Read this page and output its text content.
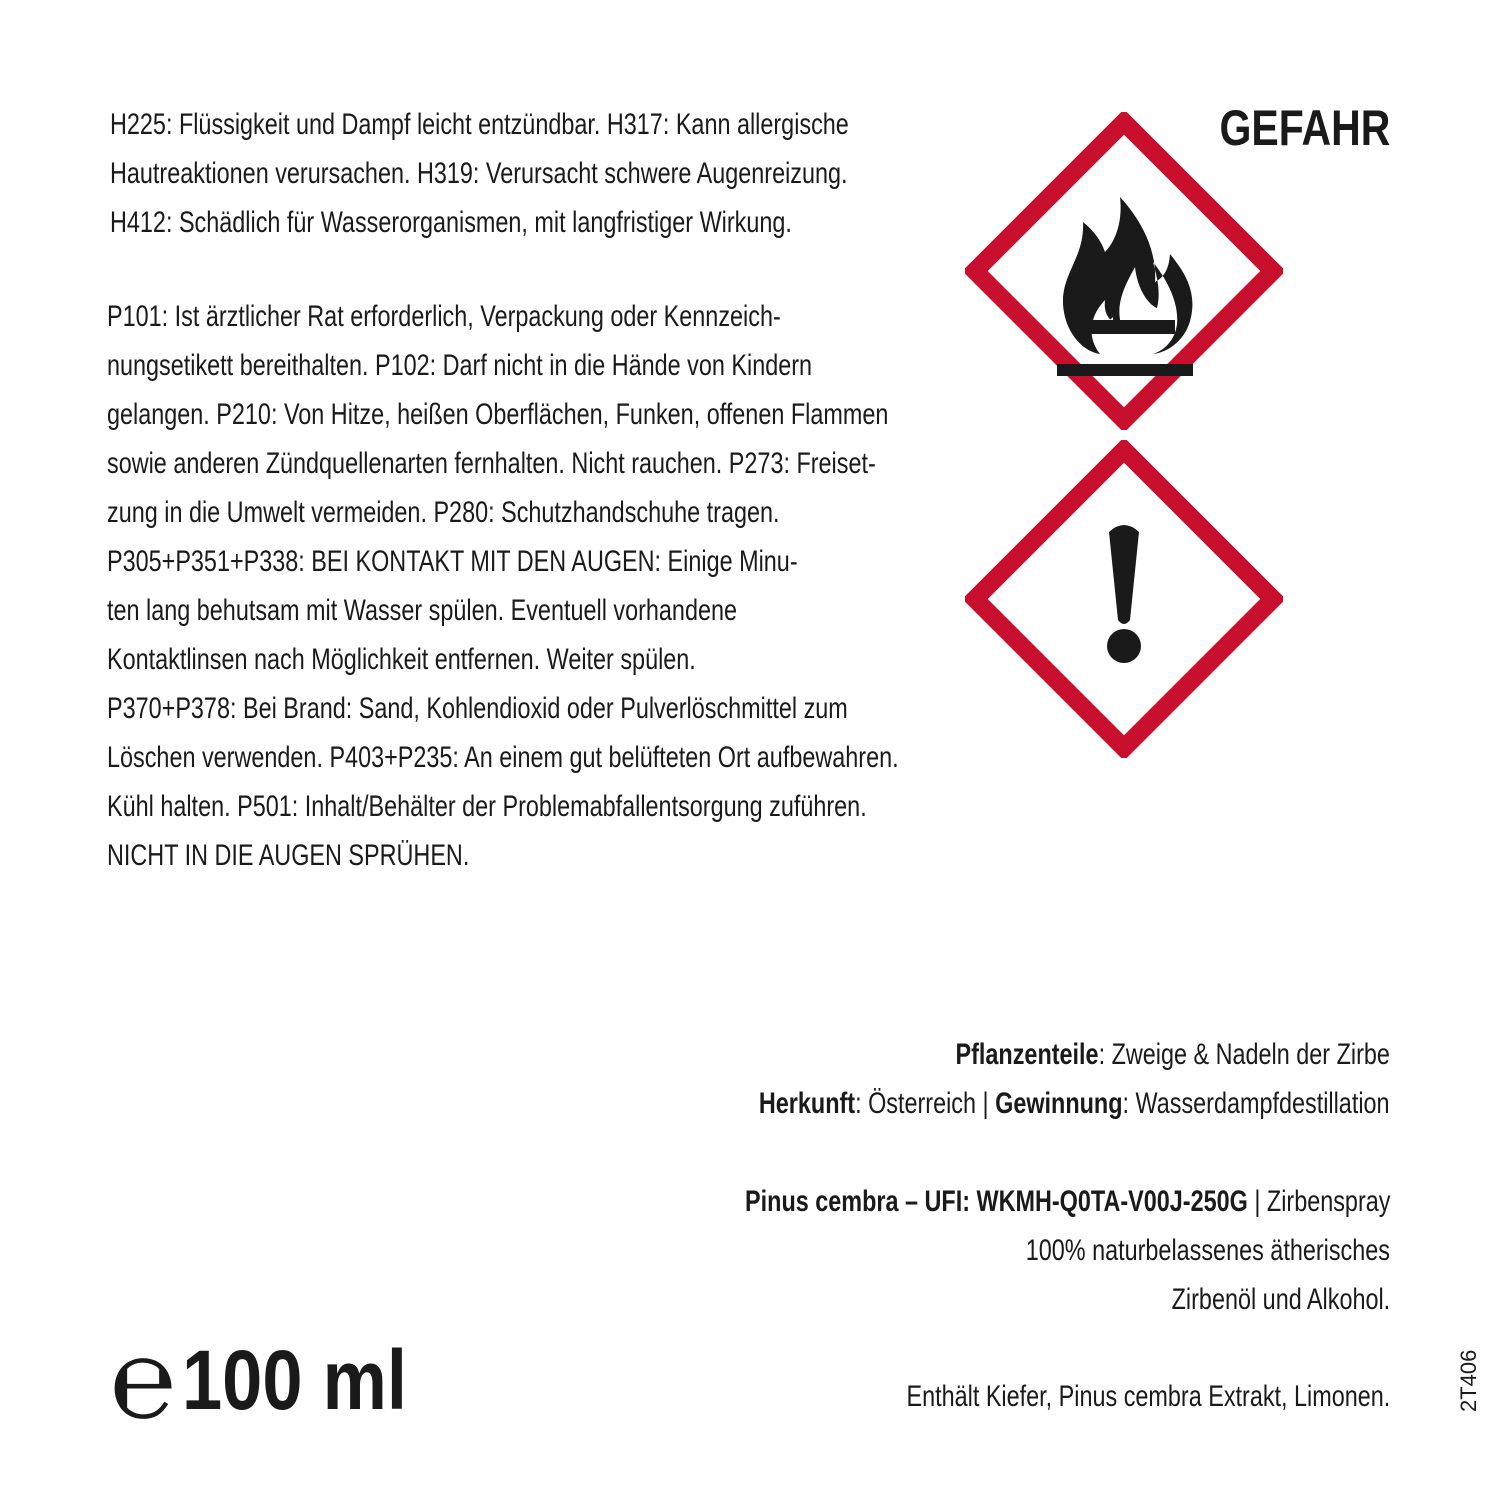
H225: Flüssigkeit und Dampf leicht entzündbar. H317: Kann allergische
Hautreaktionen verursachen. H319: Verursacht schwere Augenreizung.
H412: Schädlich für Wasserorganismen, mit langfristiger Wirkung.
P101: Ist ärztlicher Rat erforderlich, Verpackung oder Kennzeich-
nungsetikett bereithalten. P102: Darf nicht in die Hände von Kindern
gelangen. P210: Von Hitze, heißen Oberflächen, Funken, offenen Flammen
sowie anderen Zündquellenarten fernhalten. Nicht rauchen. P273: Freiset-
zung in die Umwelt vermeiden. P280: Schutzhandschuhe tragen.
P305+P351+P338: BEI KONTAKT MIT DEN AUGEN: Einige Minu-
ten lang behutsam mit Wasser spülen. Eventuell vorhandene
Kontaktlinsen nach Möglichkeit entfernen. Weiter spülen.
P370+P378: Bei Brand: Sand, Kohlendioxid oder Pulverlöschmittel zum
Löschen verwenden. P403+P235: An einem gut belüfteten Ort aufbewahren.
Kühl halten. P501: Inhalt/Behälter der Problemabfallentsorgung zuführen.
NICHT IN DIE AUGEN SPRÜHEN.
GEFAHR
Pflanzenteile: Zweige & Nadeln der Zirbe
Herkunft: Österreich | Gewinnung: Wasserdampfdestillation
Pinus cembra – UFI: WKMH-Q0TA-V00J-250G | Zirbenspray
100% naturbelassenes ätherisches
Zirbenöl und Alkohol.
℮ 100 ml	Enthält Kiefer, Pinus cembra Extrakt, Limonen.	2T406
